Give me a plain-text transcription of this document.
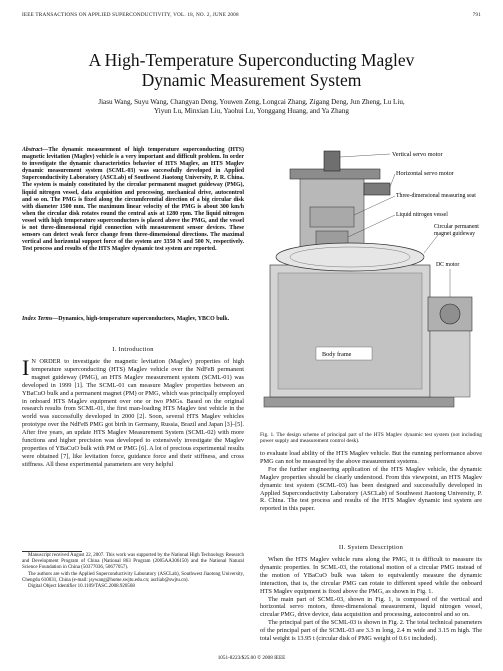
IEEE TRANSACTIONS ON APPLIED SUPERCONDUCTIVITY, VOL. 18, NO. 2, JUNE 2008	791
A High-Temperature Superconducting Maglev
Dynamic Measurement System
Jiasu Wang, Suyu Wang, Changyan Deng, Youwen Zeng, Longcai Zhang, Zigang Deng, Jun Zheng, Lu Liu,
Yiyun Lu, Minxian Liu, Yaohui Lu, Yonggang Huang, and Ya Zhang
Abstract—The dynamic measurement of high temperature superconducting (HTS) magnetic levitation (Maglev) vehicle is a very important and difficult problem. In order to investigate the dynamic characteristics behavior of HTS Maglev, an HTS Maglev dynamic measurement system (SCML-03) was successfully developed in Applied Superconductivity Laboratory (ASCLab) of Southwest Jiaotong University, P. R. China. The system is mainly constituted by the circular permanent magnet guideway (PMG), liquid nitrogen vessel, data acquisition and processing, mechanical drive, autocontrol and so on. The PMG is fixed along the circumferential direction of a big circular disk with diameter 1500 mm. The maximum linear velocity of the PMG is about 300 km/h when the circular disk rotates round the central axis at 1280 rpm. The liquid nitrogen vessel with high temperature superconductors is placed above the PMG, and the vessel is not three-dimensional rigid connection with measurement sensor devices. These sensors can detect weak force change from three-dimensional directions. The maximal vertical and horizontal support force of the system are 3350 N and 500 N, respectively. Test process and results of the HTS Maglev dynamic test system are reported.
Index Terms—Dynamics, high-temperature superconductors, Maglev, YBCO bulk.
I. Introduction

I N ORDER to investigate the magnetic levitation (Maglev) properties of high temperature superconducting (HTS) Maglev vehicle over the NdFeB permanent magnet guideway (PMG), an HTS Maglev measurement system (SCML-01) was developed in 1999 [1]. The SCML-01 can measure Maglev properties between an YBaCuO bulk and a permanent magnet (PM) or PMG, which was principally employed in onboard HTS Maglev equipment over one or two PMGs. Based on the original research results from SCML-01, the first man-loading HTS Maglev test vehicle in the world was successfully developed in 2000 [2]. Soon, several HTS Maglev vehicles prototype over the NdFeB PMG got birth in Germany, Russia, Brazil and Japan [3]–[5]. After five years, an update HTS Maglev Measurement System (SCML-02) with more functions and higher precision was developed to extensively investigate the Maglev properties of YBaCuO bulk with PM or PMG [6]. A lot of precious experimental results were obtained [7], like levitation force, guidance force and their stiffness, and cross stiffness. All these experimental parameters are very helpful

Manuscript received August 22, 2007. This work was supported by the National High Technology Research and Development Program of China (National 863 Program (2005AA306150) and the National Natural Science Foundation in China (50377036, 50677057).

The authors are with the Applied Superconductivity Laboratory (ASCLab), Southwest Jiaotong University, Chengdu 610031, China (e-mail: jsywang@home.swjtu.edu.cn; ascliab@swjtu.cn).

Digital Object Identifier 10.1109/TASC.2008.920568

Vertical servo motor
Horizontal servo motor
Three-dimensional measuring seat
Liquid nitrogen vessel
Circular permanent
magnet guideway
DC motor
Body frame
Fig. 1. The design scheme of principal part of the HTS Maglev dynamic test system (not including power supply and measurement control desk).

to evaluate load ability of the HTS Maglev vehicle. But the running performance above PMG can not be measured by the above measurement systems.

For the further engineering application of the HTS Maglev vehicle, the dynamic Maglev properties should be clearly understood. From this viewpoint, an HTS Maglev dynamic test system (SCML-03) has been designed and successfully developed in Applied Superconductivity Laboratory (ASCLab) of Southwest Jiaotong University, P. R. China. The test process and results of the HTS Maglev dynamic test system are reported in this paper.

II. System Description

When the HTS Maglev vehicle runs along the PMG, it is difficult to measure its dynamic properties. In SCML-03, the rotational motion of a circular PMG instead of the motion of YBaCuO bulk was taken to equivalently measure the dynamic interaction, that is, the circular PMG can rotate to different speed while the onboard HTS Maglev equipment is fixed above the PMG, as shown in Fig. 1.

The main part of SCML-03, shown in Fig. 1, is composed of the vertical and horizontal servo motors, three-dimensional measurement, liquid nitrogen vessel, circular PMG, drive device, data acquisition and processing, autocontrol and so on.

The principal part of the SCML-03 is shown in Fig. 2. The total technical parameters of the principal part of the SCML-03 are 3.3 m long, 2.4 m wide and 3.15 m high. The total weight is 13.95 t (circular disk of PMG weight of 0.6 t included).

1051-8223/$25.00 © 2008 IEEE
